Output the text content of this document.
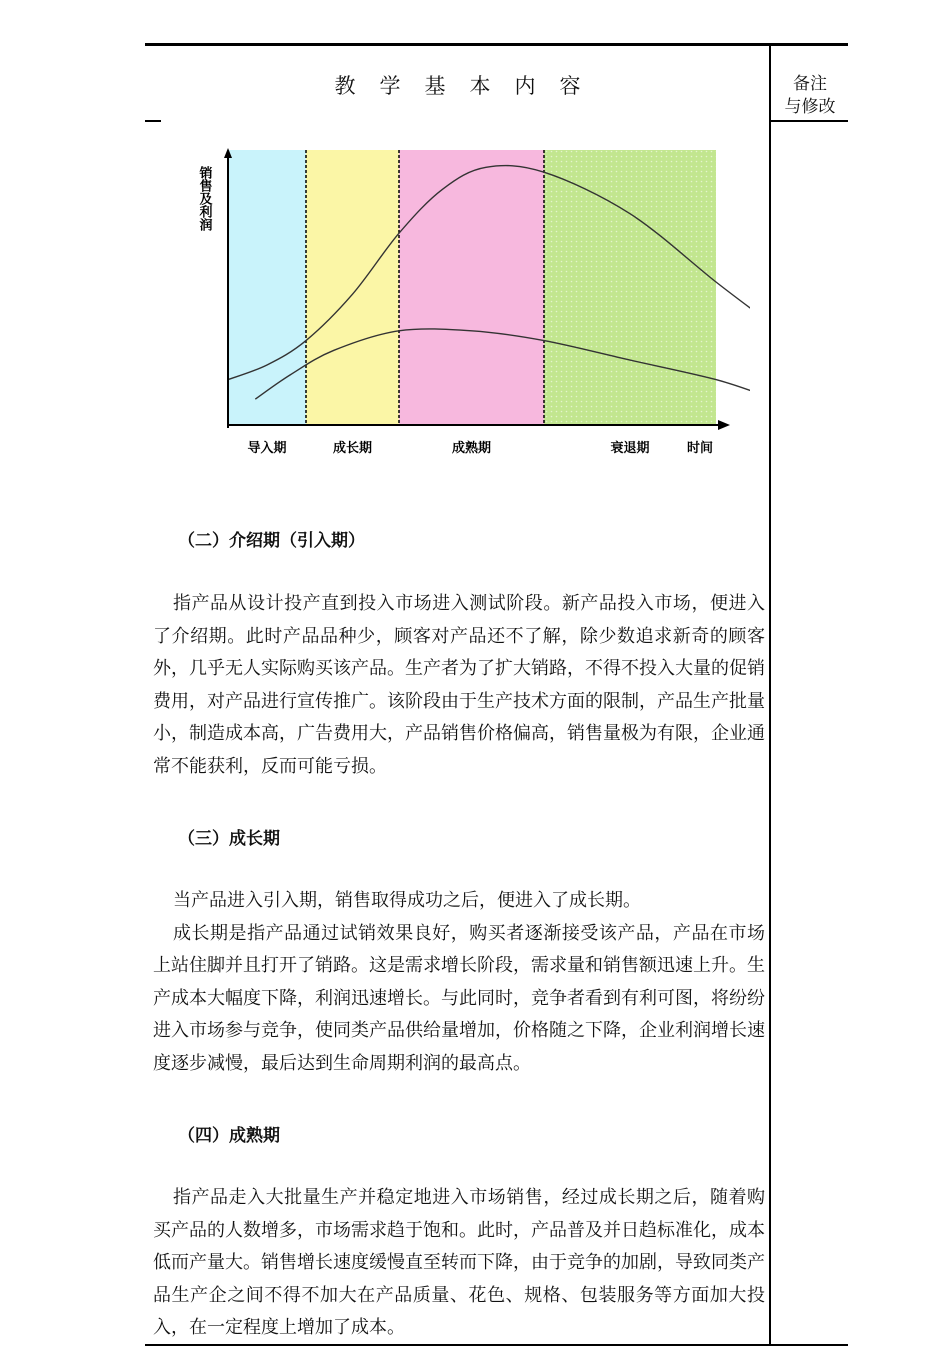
教学基本内容	备注
与修改
销售及利润
导入期	成长期	成熟期	衰退期	时间
（二）介绍期（引入期）

指产品从设计投产直到投入市场进入测试阶段。新产品投入市场，便进入了介绍期。此时产品品种少，顾客对产品还不了解，除少数追求新奇的顾客外，几乎无人实际购买该产品。生产者为了扩大销路，不得不投入大量的促销费用，对产品进行宣传推广。该阶段由于生产技术方面的限制，产品生产批量小，制造成本高，广告费用大，产品销售价格偏高，销售量极为有限，企业通常不能获利，反而可能亏损。

（三）成长期

当产品进入引入期，销售取得成功之后，便进入了成长期。

成长期是指产品通过试销效果良好，购买者逐渐接受该产品，产品在市场上站住脚并且打开了销路。这是需求增长阶段，需求量和销售额迅速上升。生产成本大幅度下降，利润迅速增长。与此同时，竞争者看到有利可图，将纷纷进入市场参与竞争，使同类产品供给量增加，价格随之下降，企业利润增长速度逐步减慢，最后达到生命周期利润的最高点。

（四）成熟期

指产品走入大批量生产并稳定地进入市场销售，经过成长期之后，随着购买产品的人数增多，市场需求趋于饱和。此时，产品普及并日趋标准化，成本低而产量大。销售增长速度缓慢直至转而下降，由于竞争的加剧，导致同类产品生产企之间不得不加大在产品质量、花色、规格、包装服务等方面加大投入，在一定程度上增加了成本。
